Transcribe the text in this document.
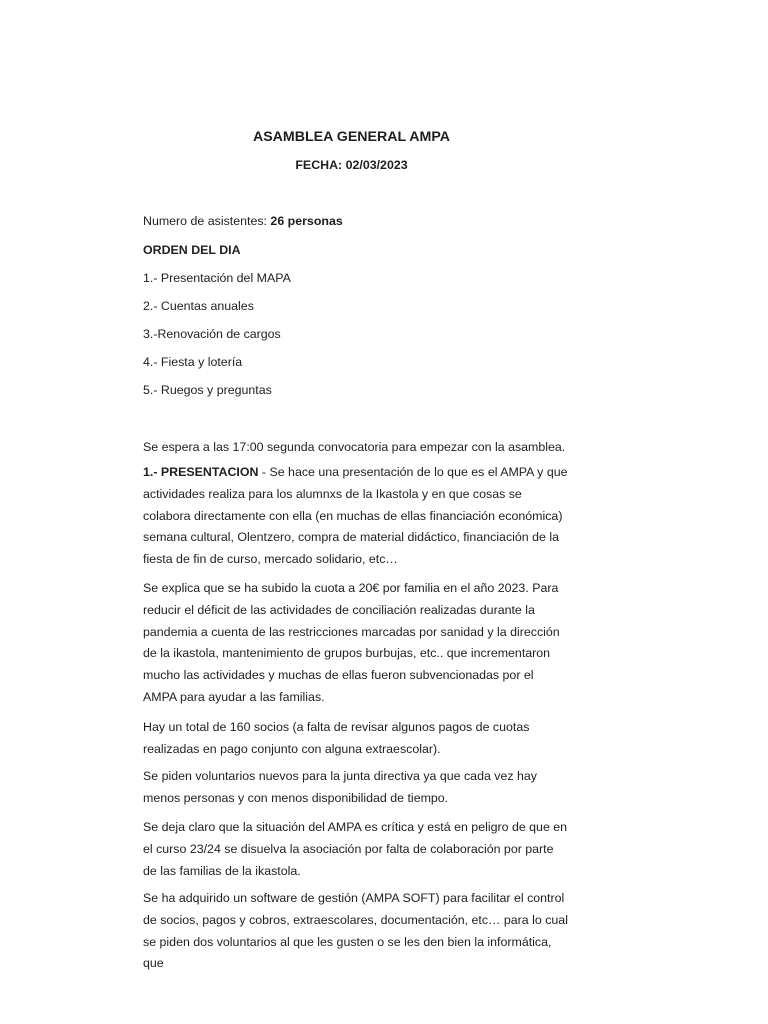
ASAMBLEA GENERAL AMPA
FECHA: 02/03/2023
Numero de asistentes: 26 personas
ORDEN DEL DIA
1.- Presentación del MAPA
2.- Cuentas anuales
3.-Renovación de cargos
4.- Fiesta y lotería
5.- Ruegos y preguntas
Se espera a las 17:00 segunda convocatoria para empezar con la asamblea.
1.- PRESENTACION - Se hace una presentación de lo que es el AMPA y que actividades realiza para los alumnxs de la Ikastola y en que cosas se colabora directamente con ella (en muchas de ellas financiación económica) semana cultural, Olentzero, compra de material didáctico, financiación de la fiesta de fin de curso, mercado solidario, etc…
Se explica que se ha subido la cuota a 20€ por familia en el año 2023. Para reducir el déficit de las actividades de conciliación realizadas durante la pandemia a cuenta de las restricciones marcadas por sanidad y la dirección de la ikastola, mantenimiento de grupos burbujas, etc.. que incrementaron mucho las actividades y muchas de ellas fueron subvencionadas por el AMPA para ayudar a las familias.
Hay un total de 160 socios (a falta de revisar algunos pagos de cuotas realizadas en pago conjunto con alguna extraescolar).
Se piden voluntarios nuevos para la junta directiva ya que cada vez hay menos personas y con menos disponibilidad de tiempo.
Se deja claro que la situación del AMPA es crítica y está en peligro de que en el curso 23/24 se disuelva la asociación por falta de colaboración por parte de las familias de la ikastola.
Se ha adquirido un software de gestión (AMPA SOFT) para facilitar el control de socios, pagos y cobros, extraescolares, documentación, etc… para lo cual se piden dos voluntarios al que les gusten o se les den bien la informática, que
